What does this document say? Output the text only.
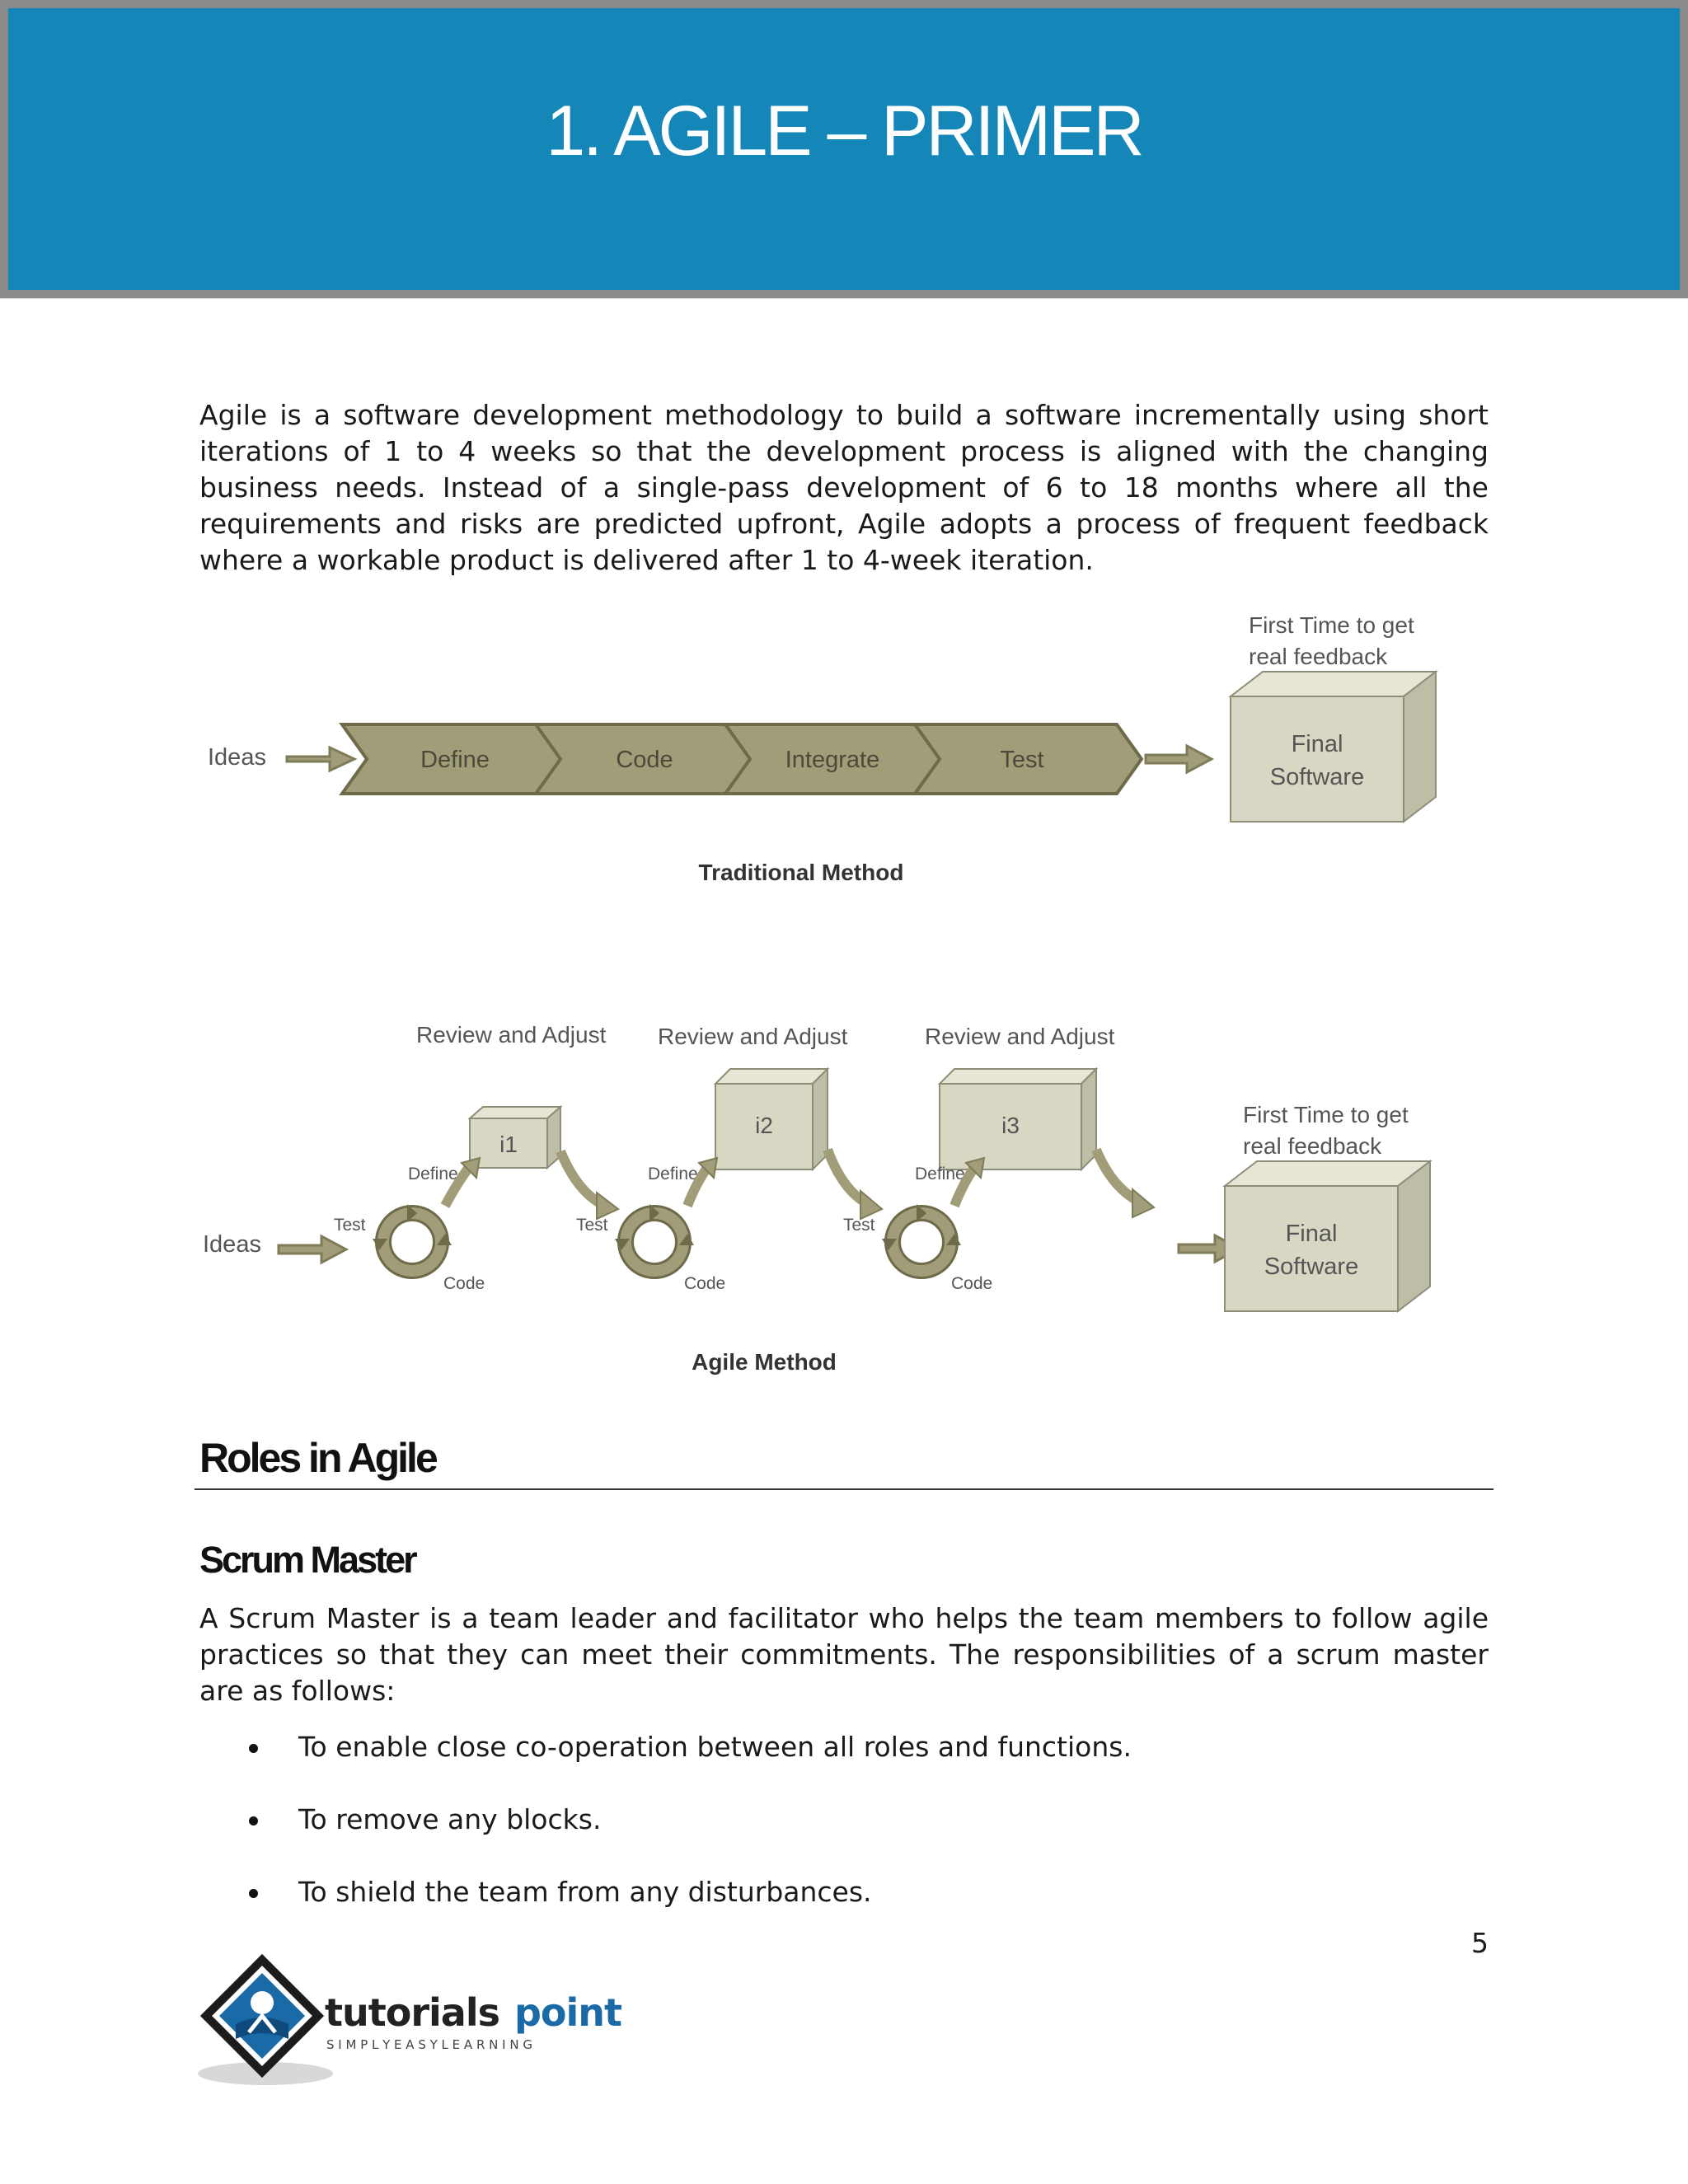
1. AGILE – PRIMER

Agile is a software development methodology to build a software incrementally using short iterations of 1 to 4 weeks so that the development process is aligned with the changing business needs. Instead of a single-pass development of 6 to 18 months where all the requirements and risks are predicted upfront, Agile adopts a process of frequent feedback where a workable product is delivered after 1 to 4-week iteration.

Ideas	Define	Code	Integrate	Test
First Time to get
real feedback
Final
Software
Traditional Method
Ideas
Review and Adjust
i1
Define
Test
Code
Review and Adjust
i2
Define
Test
Code
Review and Adjust
i3
Define
Test
Code
First Time to get
real feedback
Final
Software
Agile Method
Roles in Agile
Scrum Master

A Scrum Master is a team leader and facilitator who helps the team members to follow agile practices so that they can meet their commitments. The responsibilities of a scrum master are as follows:

To enable close co-operation between all roles and functions.
To remove any blocks.
To shield the team from any disturbances.
5
tutorials point
S I M P L Y E A S Y L E A R N I N G
